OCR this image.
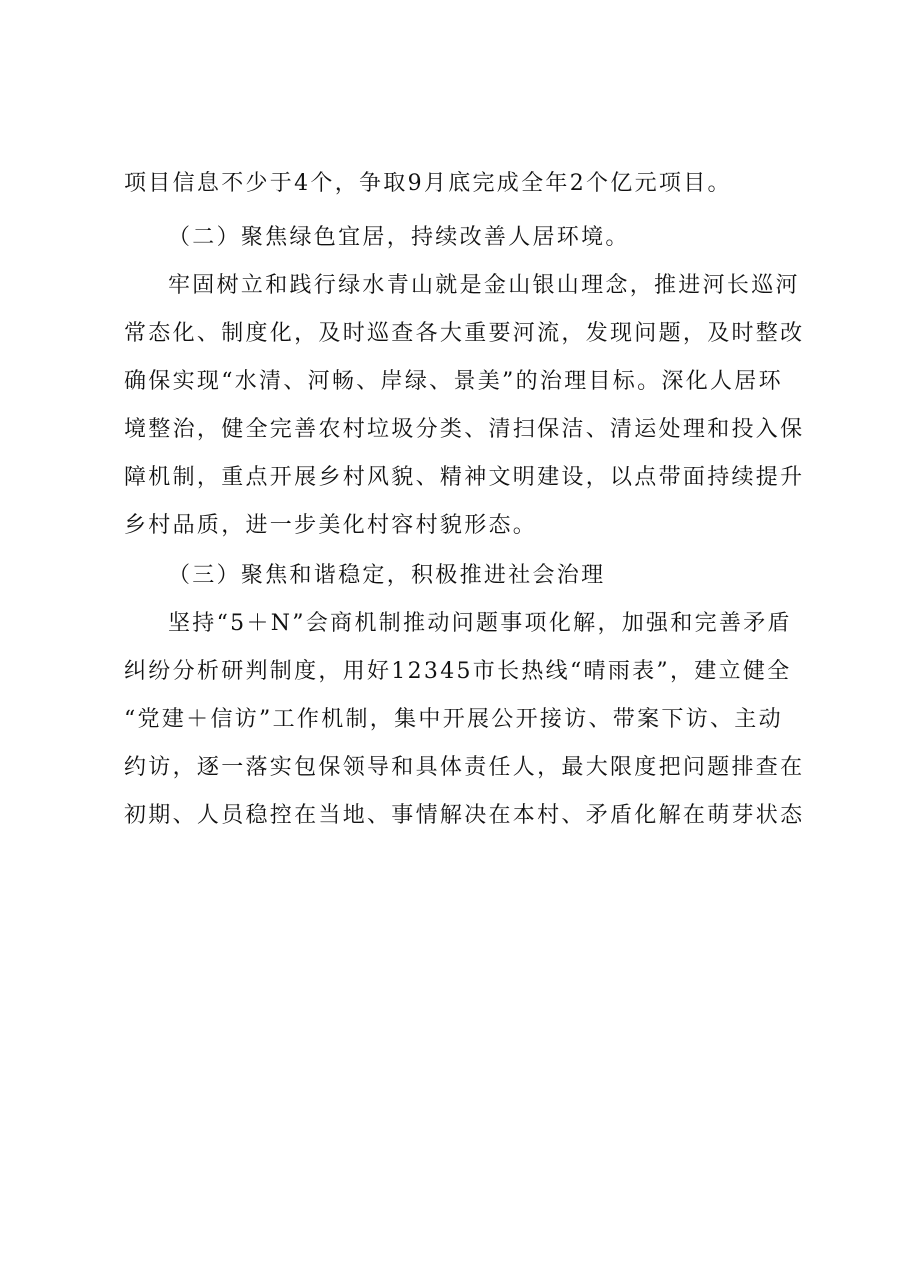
项目信息不少于4个，争取9月底完成全年2个亿元项目。
（二）聚焦绿色宜居，持续改善人居环境。
牢固树立和践行绿水青山就是金山银山理念，推进河长巡河
常态化、制度化，及时巡查各大重要河流，发现问题，及时整改
确保实现“水清、河畅、岸绿、景美”的治理目标。深化人居环
境整治，健全完善农村垃圾分类、清扫保洁、清运处理和投入保
障机制，重点开展乡村风貌、精神文明建设，以点带面持续提升
乡村品质，进一步美化村容村貌形态。
（三）聚焦和谐稳定，积极推进社会治理
坚持“5＋N”会商机制推动问题事项化解，加强和完善矛盾
纠纷分析研判制度，用好12345市长热线“晴雨表”，建立健全
“党建＋信访”工作机制，集中开展公开接访、带案下访、主动
约访，逐一落实包保领导和具体责任人，最大限度把问题排查在
初期、人员稳控在当地、事情解决在本村、矛盾化解在萌芽状态
